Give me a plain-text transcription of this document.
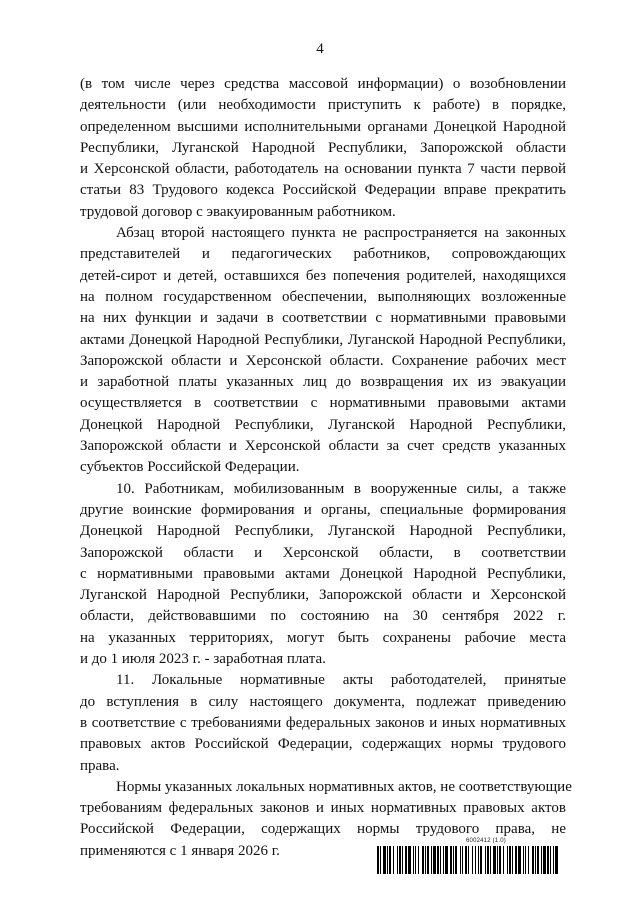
4

(в том числе через средства массовой информации) о возобновлении
деятельности (или необходимости приступить к работе) в порядке,
определенном высшими исполнительными органами Донецкой Народной
Республики, Луганской Народной Республики, Запорожской области
и Херсонской области, работодатель на основании пункта 7 части первой
статьи 83 Трудового кодекса Российской Федерации вправе прекратить
трудовой договор с эвакуированным работником.

Абзац второй настоящего пункта не распространяется на законных
представителей и педагогических работников, сопровождающих
детей-сирот и детей, оставшихся без попечения родителей, находящихся
на полном государственном обеспечении, выполняющих возложенные
на них функции и задачи в соответствии с нормативными правовыми
актами Донецкой Народной Республики, Луганской Народной Республики,
Запорожской области и Херсонской области. Сохранение рабочих мест
и заработной платы указанных лиц до возвращения их из эвакуации
осуществляется в соответствии с нормативными правовыми актами
Донецкой Народной Республики, Луганской Народной Республики,
Запорожской области и Херсонской области за счет средств указанных
субъектов Российской Федерации.

10. Работникам, мобилизованным в вооруженные силы, а также
другие воинские формирования и органы, специальные формирования
Донецкой Народной Республики, Луганской Народной Республики,
Запорожской области и Херсонской области, в соответствии
с нормативными правовыми актами Донецкой Народной Республики,
Луганской Народной Республики, Запорожской области и Херсонской
области, действовавшими по состоянию на 30 сентября 2022 г.
на указанных территориях, могут быть сохранены рабочие места
и до 1 июля 2023 г. - заработная плата.

11. Локальные нормативные акты работодателей, принятые
до вступления в силу настоящего документа, подлежат приведению
в соответствие с требованиями федеральных законов и иных нормативных
правовых актов Российской Федерации, содержащих нормы трудового
права.

Нормы указанных локальных нормативных актов, не соответствующие
требованиям федеральных законов и иных нормативных правовых актов
Российской Федерации, содержащих нормы трудового права, не
применяются с 1 января 2026 г.

6002412 (1.0)
